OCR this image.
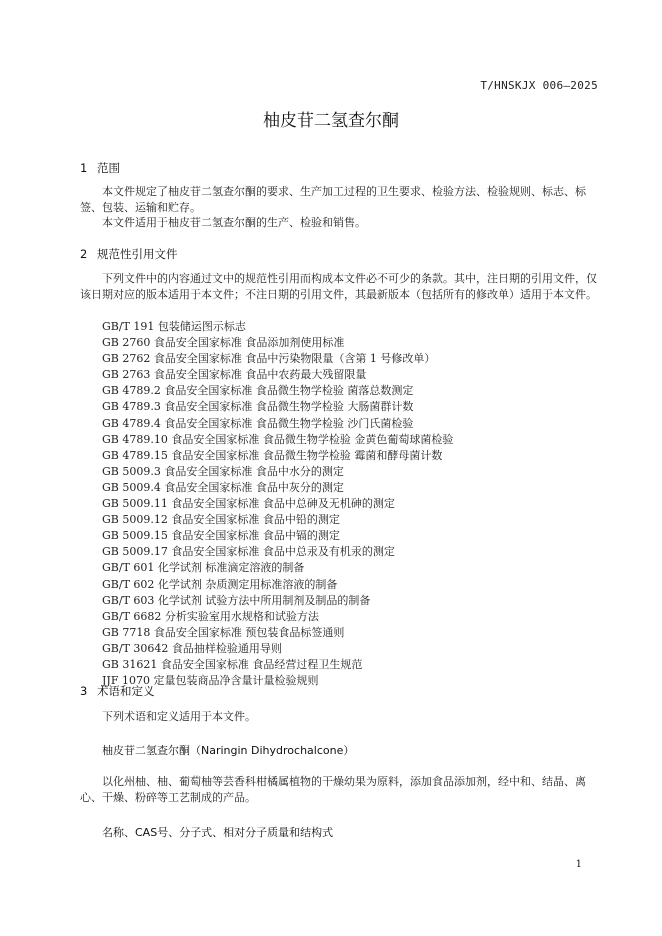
T/HNSKJX 006—2025
柚皮苷二氢查尔酮
1 范围
本文件规定了柚皮苷二氢查尔酮的要求、生产加工过程的卫生要求、检验方法、检验规则、标志、标签、包装、运输和贮存。
本文件适用于柚皮苷二氢查尔酮的生产、检验和销售。
2 规范性引用文件
下列文件中的内容通过文中的规范性引用而构成本文件必不可少的条款。其中，注日期的引用文件，仅该日期对应的版本适用于本文件；不注日期的引用文件，其最新版本（包括所有的修改单）适用于本文件。
GB/T 191 包装储运图示标志
GB 2760 食品安全国家标准 食品添加剂使用标准
GB 2762 食品安全国家标准 食品中污染物限量（含第 1 号修改单）
GB 2763 食品安全国家标准 食品中农药最大残留限量
GB 4789.2 食品安全国家标准 食品微生物学检验 菌落总数测定
GB 4789.3 食品安全国家标准 食品微生物学检验 大肠菌群计数
GB 4789.4 食品安全国家标准 食品微生物学检验 沙门氏菌检验
GB 4789.10 食品安全国家标准 食品微生物学检验 金黄色葡萄球菌检验
GB 4789.15 食品安全国家标准 食品微生物学检验 霉菌和酵母菌计数
GB 5009.3 食品安全国家标准 食品中水分的测定
GB 5009.4 食品安全国家标准 食品中灰分的测定
GB 5009.11 食品安全国家标准 食品中总砷及无机砷的测定
GB 5009.12 食品安全国家标准 食品中铅的测定
GB 5009.15 食品安全国家标准 食品中镉的测定
GB 5009.17 食品安全国家标准 食品中总汞及有机汞的测定
GB/T 601 化学试剂 标准滴定溶液的制备
GB/T 602 化学试剂 杂质测定用标准溶液的制备
GB/T 603 化学试剂 试验方法中所用制剂及制品的制备
GB/T 6682 分析实验室用水规格和试验方法
GB 7718 食品安全国家标准 预包装食品标签通则
GB/T 30642 食品抽样检验通用导则
GB 31621 食品安全国家标准 食品经营过程卫生规范
JJF 1070 定量包装商品净含量计量检验规则
3 术语和定义
下列术语和定义适用于本文件。
柚皮苷二氢查尔酮（Naringin Dihydrochalcone）
以化州柚、柚、葡萄柚等芸香科柑橘属植物的干燥幼果为原料，添加食品添加剂，经中和、结晶、离心、干燥、粉碎等工艺制成的产品。
名称、CAS号、分子式、相对分子质量和结构式
1
